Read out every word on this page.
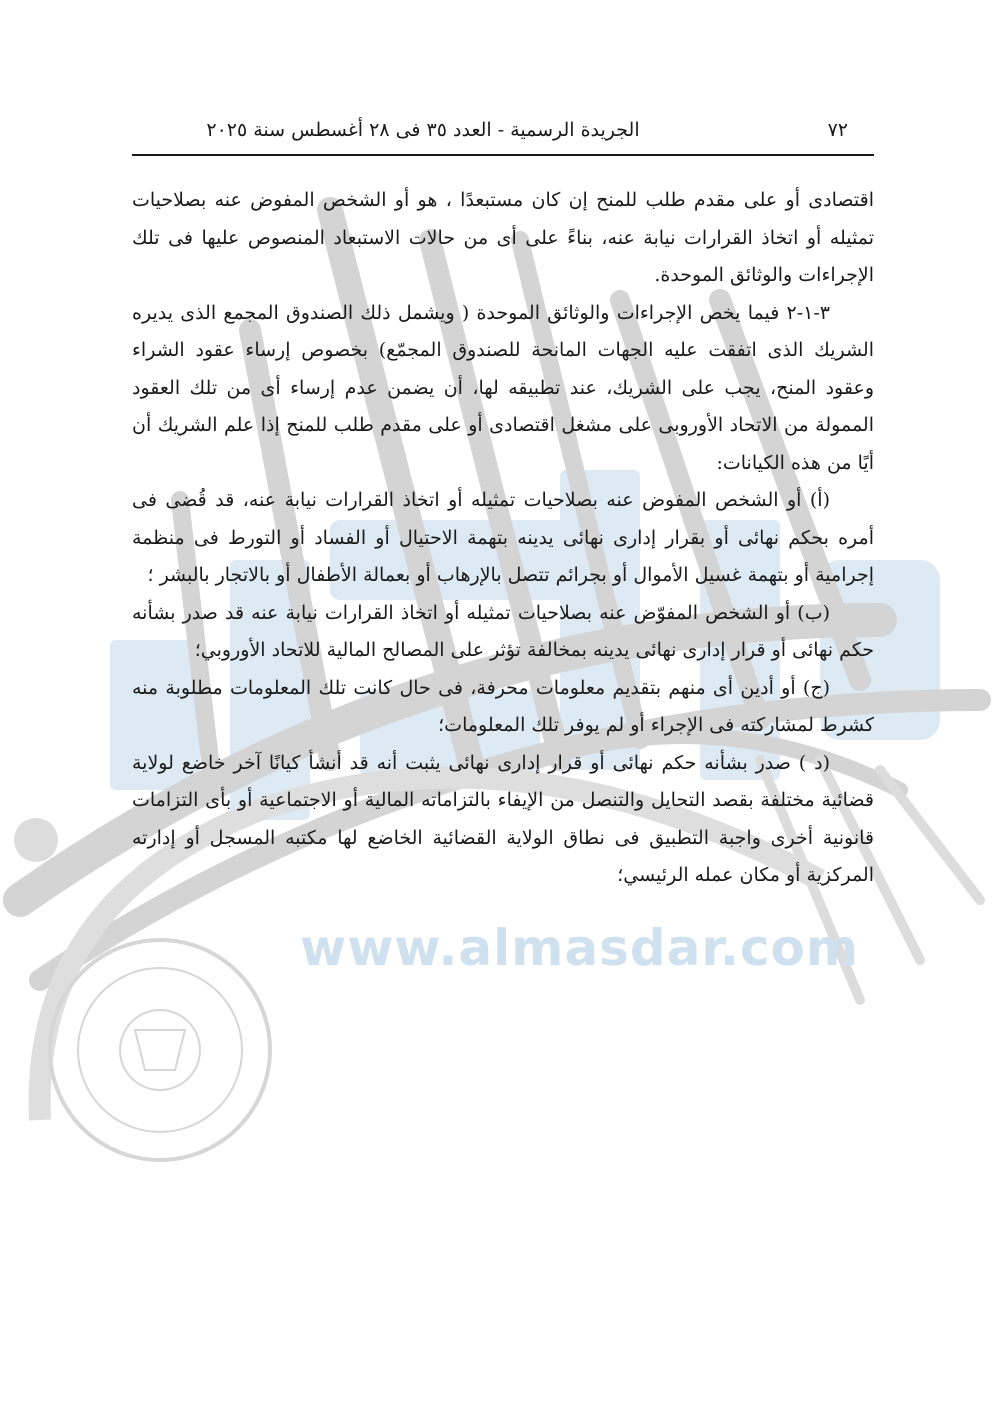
www.almasdar.com
٧٢
الجريدة الرسمية - العدد ٣٥ فى ٢٨ أغسطس سنة ٢٠٢٥

اقتصادى أو على مقدم طلب للمنح إن كان مستبعدًا ، هو أو الشخص المفوض عنه بصلاحيات تمثيله أو اتخاذ القرارات نيابة عنه، بناءً على أى من حالات الاستبعاد المنصوص عليها فى تلك الإجراءات والوثائق الموحدة.

٣-١-٢ فيما يخص الإجراءات والوثائق الموحدة ( ويشمل ذلك الصندوق المجمع الذى يديره الشريك الذى اتفقت عليه الجهات المانحة للصندوق المجمّع) بخصوص إرساء عقود الشراء وعقود المنح، يجب على الشريك، عند تطبيقه لها، أن يضمن عدم إرساء أى من تلك العقود الممولة من الاتحاد الأوروبى على مشغل اقتصادى أو على مقدم طلب للمنح إذا علم الشريك أن أيًا من هذه الكيانات:

(أ) أو الشخص المفوض عنه بصلاحيات تمثيله أو اتخاذ القرارات نيابة عنه، قد قُضى فى أمره بحكم نهائى أو بقرار إدارى نهائى يدينه بتهمة الاحتيال أو الفساد أو التورط فى منظمة إجرامية أو بتهمة غسيل الأموال أو بجرائم تتصل بالإرهاب أو بعمالة الأطفال أو بالاتجار بالبشر ؛

(ب) أو الشخص المفوّض عنه بصلاحيات تمثيله أو اتخاذ القرارات نيابة عنه قد صدر بشأنه حكم نهائى أو قرار إدارى نهائى يدينه بمخالفة تؤثر على المصالح المالية للاتحاد الأوروبي؛

(ج) أو أدين أى منهم بتقديم معلومات محرفة، فى حال كانت تلك المعلومات مطلوبة منه كشرط لمشاركته فى الإجراء أو لم يوفر تلك المعلومات؛

(د ) صدر بشأنه حكم نهائى أو قرار إدارى نهائى يثبت أنه قد أنشأ كيانًا آخر خاضع لولاية قضائية مختلفة بقصد التحايل والتنصل من الإيفاء بالتزاماته المالية أو الاجتماعية أو بأى التزامات قانونية أخرى واجبة التطبيق فى نطاق الولاية القضائية الخاضع لها مكتبه المسجل أو إدارته المركزية أو مكان عمله الرئيسي؛
